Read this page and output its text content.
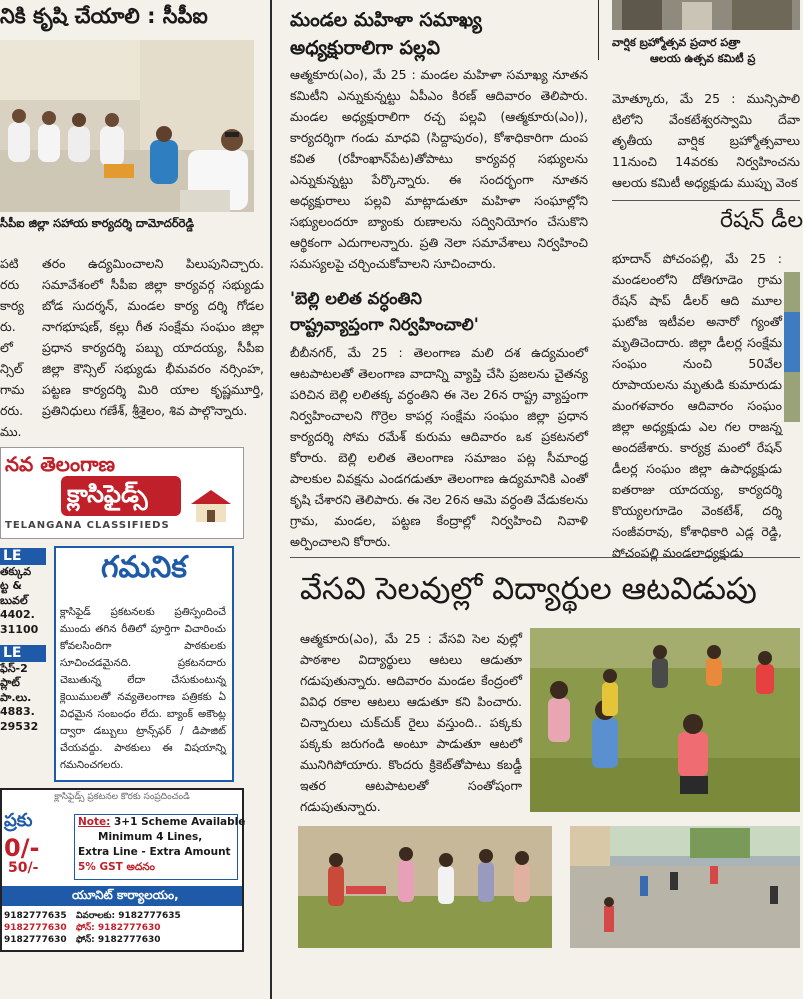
నికి కృషి చేయాలి : సీపీఐ
సీపీఐ జిల్లా సహాయ కార్యదర్శి దామోదర్‌రెడ్డి
పటి
రరు
కార్య
రు.
లో
న్సిల్
గామ
రరు.
ము.
తరం ఉద్యమించాలని పిలుపునిచ్చారు. సమావేశంలో సీపీఐ జిల్లా కార్యవర్గ సభ్యుడు బోడ సుదర్శన్, మండల కార్య దర్శి గోడల నాగభూషణ్, కల్లు గీత సంక్షేమ సంఘం జిల్లా ప్రధాన కార్యదర్శి పబ్బు యాదయ్య, సీపీఐ జిల్లా కౌన్సిల్ సభ్యుడు భీమవరం నర్సింహ, పట్టణ కార్యదర్శి మిరి యాల కృష్ణమూర్తి, ప్రతినిధులు గణేశ్, శ్రీశైలం, శివ పాల్గొన్నారు.
నవ తెలంగాణ
క్లాసిఫైడ్స్
TELANGANA CLASSIFIEDS
LE
తక్కువ
ట్ట &
బువల్
4402.
31100
LE
ఫేస్-2
ప్లాట్
పా.లు.
4883.
29532
గమనిక
క్లాసిఫైడ్ ప్రకటనలకు ప్రతిస్పందించే ముందు తగిన రీతిలో పూర్తిగా విచారించు కోవలసిందిగా పాఠకులకు సూచించడమైనది. ప్రకటనదారు చెబుతున్న లేదా చేసుకుంటున్న క్లెయిములతో నవ్యతెలంగాణ పత్రికకు ఏ విధమైన సంబంధం లేదు. బ్యాంక్ అకౌంట్ల ద్వారా డబ్బులు ట్రాన్స్‌ఫర్ / డిపాజిట్ చేయవద్దు. పాఠకులు ఈ విషయాన్ని గమనించగలరు.
క్లాసిఫైడ్స్ ప్రకటనల కొరకు సంప్రదించండి
ప్రకు
0/-
50/-
Note: 3+1 Scheme Available
Minimum 4 Lines,
Extra Line - Extra Amount
5% GST అదనం
యూనిట్ కార్యాలయం,
9182777635 వివరాలకు: 9182777635
9182777630 ఫోన్: 9182777630
9182777630 ఫోన్: 9182777630
మండల మహిళా సమాఖ్య
అధ్యక్షురాలిగా పల్లవి
ఆత్మకూరు(ఎం), మే 25 : మండల మహిళా సమాఖ్య నూతన కమిటీని ఎన్నుకున్నట్టు ఏపీఎం కిరణ్ ఆదివారం తెలిపారు. మండల అధ్యక్షురాలిగా రచ్చ పల్లవి (ఆత్మకూరు(ఎం)), కార్యదర్శిగా గండు మాధవి (సిద్దాపురం), కోశాధికారిగా దుంప కవిత (రహీంఖాన్‌పేట)తోపాటు కార్యవర్గ సభ్యులను ఎన్నుకున్నట్టు పేర్కొన్నారు. ఈ సందర్భంగా నూతన అధ్యక్షురాలు పల్లవి మాట్లాడుతూ మహిళా సంఘాల్లోని సభ్యులందరూ బ్యాంకు రుణాలను సద్వినియోగం చేసుకొని ఆర్థికంగా ఎదుగాలన్నారు. ప్రతి నెలా సమావేశాలు నిర్వహించి సమస్యలపై చర్చించుకోవాలని సూచించారు.
'బెల్లి లలిత వర్ధంతిని
రాష్ట్రవ్యాప్తంగా నిర్వహించాలి'
బీబీనగర్, మే 25 : తెలంగాణ మలి దశ ఉద్యమంలో ఆటపాటలతో తెలంగాణ వాదాన్ని వ్యాప్తి చేసి ప్రజలను చైతన్య పరిచిన బెల్లి లలితక్క వర్ధంతిని ఈ నెల 26న రాష్ట్ర వ్యాప్తంగా నిర్వహించాలని గొర్రెల కాపర్ల సంక్షేమ సంఘం జిల్లా ప్రధాన కార్యదర్శి సోమ రమేశ్ కురుమ ఆదివారం ఒక ప్రకటనలో కోరారు. బెల్లి లలిత తెలంగాణ సమాజం పట్ల సీమాంధ్ర పాలకుల వివక్షను ఎండగడుతూ తెలంగాణ ఉద్యమానికి ఎంతో కృషి చేశారని తెలిపారు. ఈ నెల 26న ఆమె వర్ధంతి వేడుకలను గ్రామ, మండల, పట్టణ కేంద్రాల్లో నిర్వహించి నివాళి అర్పించాలని కోరారు.
వార్షిక బ్రహ్మోత్సవ ప్రచార పత్రా
ఆలయ ఉత్సవ కమిటీ ప్ర
మోత్కూరు, మే 25 : మున్సిపాలి టిలోని వేంకటేశ్వరస్వామి దేవా తృతీయ వార్షిక బ్రహ్మోత్సవాలు 11నుంచి 14వరకు నిర్వహించను ఆలయ కమిటీ అధ్యక్షుడు ముప్పు వెంక
రేషన్ డీల
భూదాన్ పోచంపల్లి, మే 25 : మండలంలోని దోతిగూడెం గ్రామ రేషన్ షాప్ డీలర్ ఆది మూల ఘటోజ ఇటీవల అనారో గ్యంతో మృతిచెందారు. జిల్లా డీలర్ల సంక్షేమ సంఘం నుంచి 50వేల రూపాయలను మృతుడి కుమారుడు మంగళవారం ఆదివారం సంఘం జిల్లా అధ్యక్షుడు ఎల గల రాజన్న అందజేశారు. కార్యక్ర మంలో రేషన్ డీలర్ల సంఘం జిల్లా ఉపాధ్యక్షుడు ఐతరాజు యాదయ్య, కార్యదర్శి కొయ్యలగూడెం వెంకటేశ్, దర్శి సంజీవరావు, కోశాధికారి ఎడ్ల రెడ్డి, పోచంపల్లి మండలాధ్యక్షుడు
వేసవి సెలవుల్లో విద్యార్థుల ఆటవిడుపు
ఆత్మకూరు(ఎం), మే 25 : వేసవి సెల వుల్లో పాఠశాల విద్యార్థులు ఆటలు ఆడుతూ గడుపుతున్నారు. ఆదివారం మండల కేంద్రంలో వివిధ రకాల ఆటలు ఆడుతూ కని పించారు. చిన్నారులు చుక్‌చుక్ రైలు వస్తుంది.. పక్కకు పక్కకు జరుగండి అంటూ పాడుతూ ఆటలో మునిగిపోయారు. కొందరు క్రికెట్‌తోపాటు కబడ్డీ ఇతర ఆటపాటలతో సంతోషంగా గడుపుతున్నారు.
